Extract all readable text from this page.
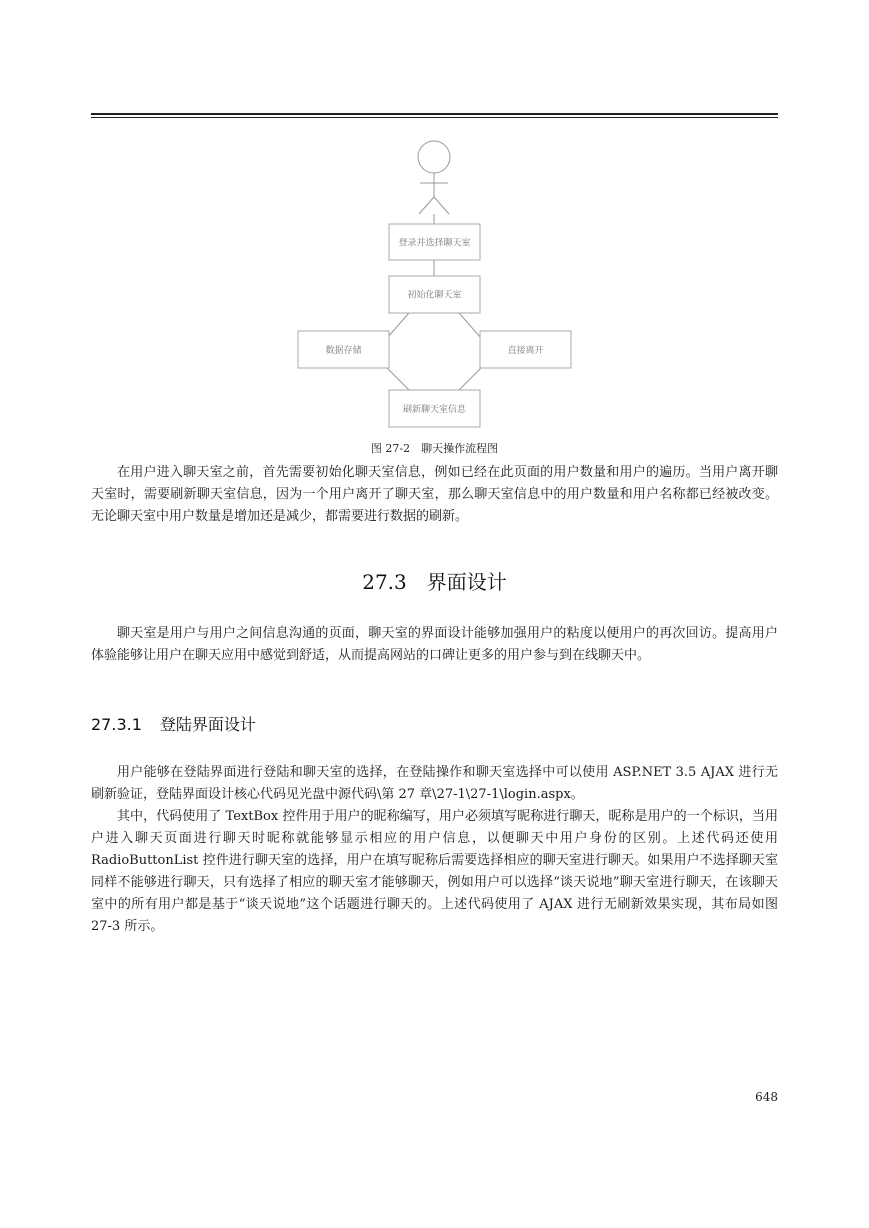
登录并选择聊天室
初始化聊天室
数据存储	直接离开
刷新聊天室信息
图 27-2　聊天操作流程图

在用户进入聊天室之前，首先需要初始化聊天室信息，例如已经在此页面的用户数量和用户的遍历。当用户离开聊天室时，需要刷新聊天室信息，因为一个用户离开了聊天室，那么聊天室信息中的用户数量和用户名称都已经被改变。无论聊天室中用户数量是增加还是减少，都需要进行数据的刷新。

27.3　 界面设计

聊天室是用户与用户之间信息沟通的页面，聊天室的界面设计能够加强用户的粘度以便用户的再次回访。提高用户体验能够让用户在聊天应用中感觉到舒适，从而提高网站的口碑让更多的用户参与到在线聊天中。

27.3.1 登陆界面设计

用户能够在登陆界面进行登陆和聊天室的选择，在登陆操作和聊天室选择中可以使用 ASP.NET 3.5 AJAX 进行无刷新验证，登陆界面设计核心代码见光盘中源代码\第 27 章\27-1\27-1\login.aspx。

其中，代码使用了 TextBox 控件用于用户的昵称编写，用户必须填写昵称进行聊天，昵称是用户的一个标识，当用户进入聊天页面进行聊天时昵称就能够显示相应的用户信息，以便聊天中用户身份的区别。上述代码还使用 RadioButtonList 控件进行聊天室的选择，用户在填写昵称后需要选择相应的聊天室进行聊天。如果用户不选择聊天室同样不能够进行聊天，只有选择了相应的聊天室才能够聊天，例如用户可以选择“谈天说地”聊天室进行聊天，在该聊天室中的所有用户都是基于“谈天说地”这个话题进行聊天的。上述代码使用了 AJAX 进行无刷新效果实现，其布局如图 27-3 所示。

648
